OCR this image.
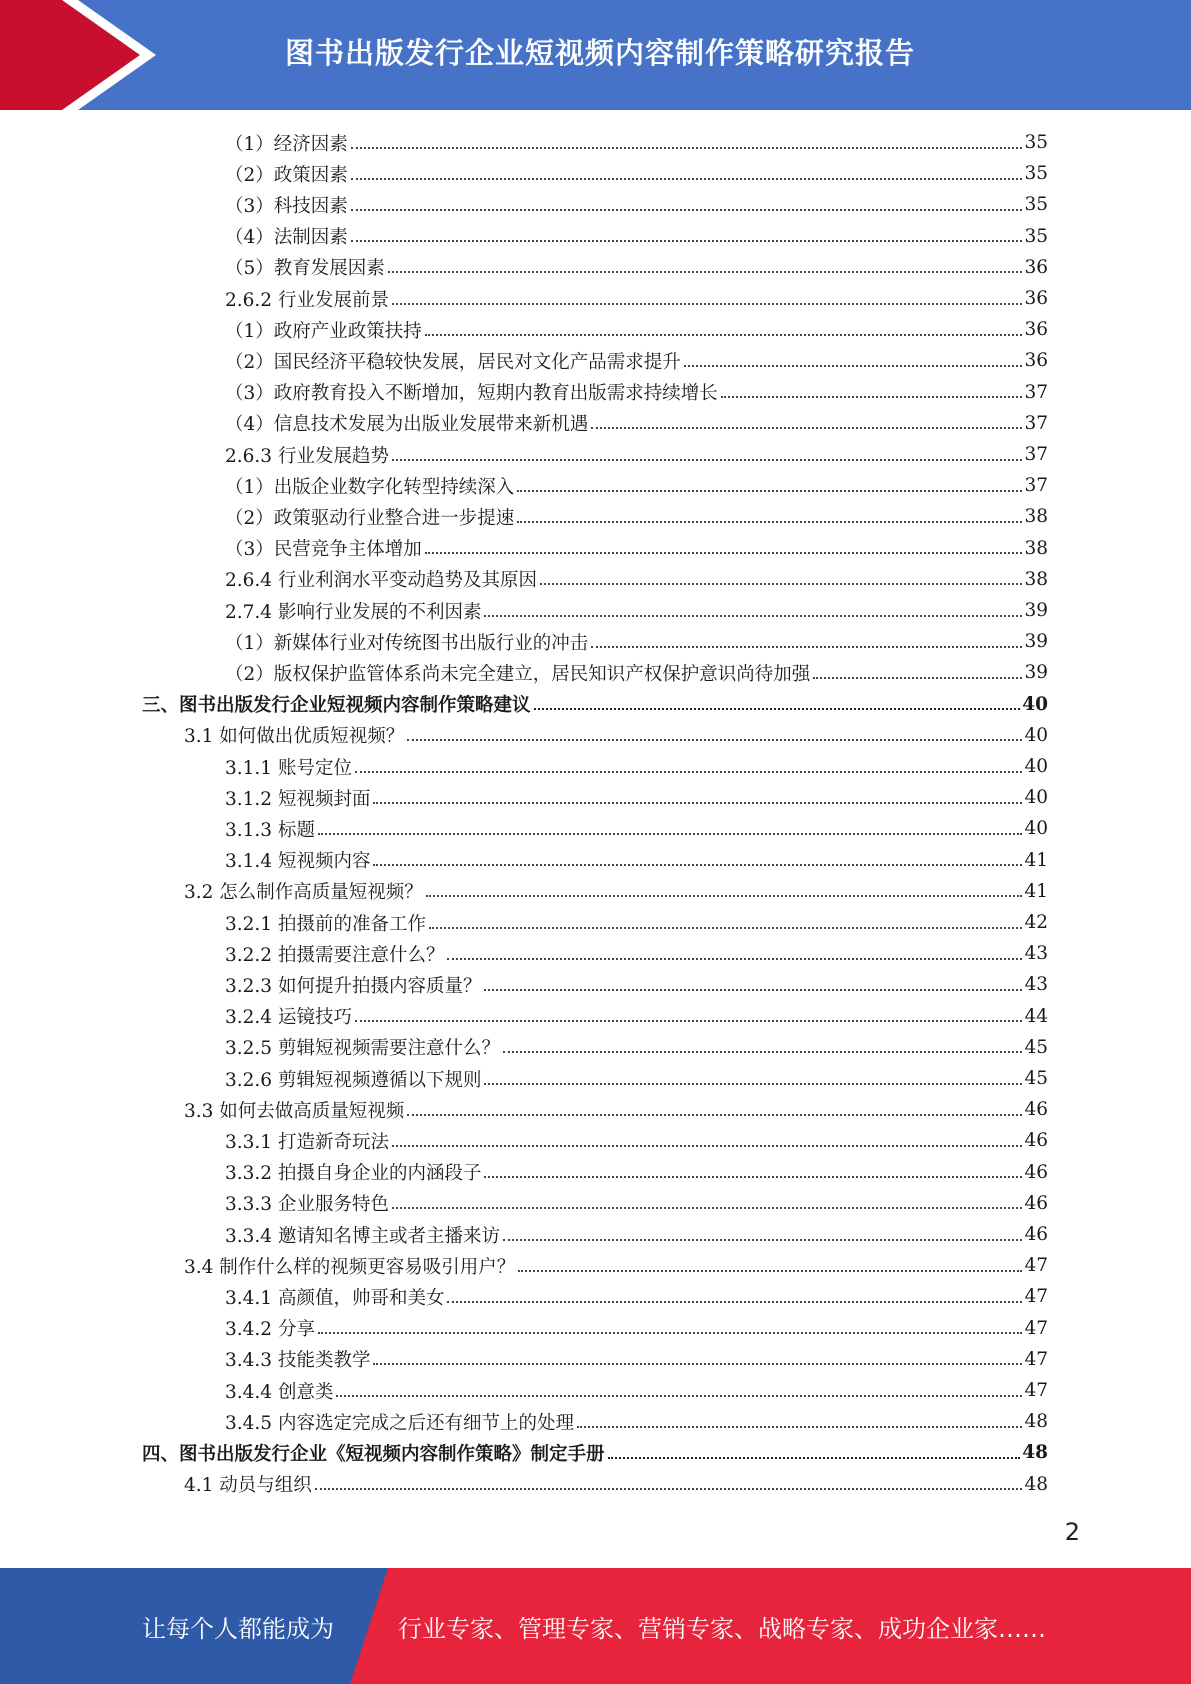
图书出版发行企业短视频内容制作策略研究报告
（1）经济因素	35
（2）政策因素	35
（3）科技因素	35
（4）法制因素	35
（5）教育发展因素	36
2.6.2 行业发展前景	36
（1）政府产业政策扶持	36
（2）国民经济平稳较快发展，居民对文化产品需求提升	36
（3）政府教育投入不断增加，短期内教育出版需求持续增长	37
（4）信息技术发展为出版业发展带来新机遇	37
2.6.3 行业发展趋势	37
（1）出版企业数字化转型持续深入	37
（2）政策驱动行业整合进一步提速	38
（3）民营竞争主体增加	38
2.6.4 行业利润水平变动趋势及其原因	38
2.7.4 影响行业发展的不利因素	39
（1）新媒体行业对传统图书出版行业的冲击	39
（2）版权保护监管体系尚未完全建立，居民知识产权保护意识尚待加强	39
三、图书出版发行企业短视频内容制作策略建议	40
3.1 如何做出优质短视频？	40
3.1.1 账号定位	40
3.1.2 短视频封面	40
3.1.3 标题	40
3.1.4 短视频内容	41
3.2 怎么制作高质量短视频？	41
3.2.1 拍摄前的准备工作	42
3.2.2 拍摄需要注意什么？	43
3.2.3 如何提升拍摄内容质量？	43
3.2.4 运镜技巧	44
3.2.5 剪辑短视频需要注意什么？	45
3.2.6 剪辑短视频遵循以下规则	45
3.3 如何去做高质量短视频	46
3.3.1 打造新奇玩法	46
3.3.2 拍摄自身企业的内涵段子	46
3.3.3 企业服务特色	46
3.3.4 邀请知名博主或者主播来访	46
3.4 制作什么样的视频更容易吸引用户？	47
3.4.1 高颜值，帅哥和美女	47
3.4.2 分享	47
3.4.3 技能类教学	47
3.4.4 创意类	47
3.4.5 内容选定完成之后还有细节上的处理	48
四、图书出版发行企业《短视频内容制作策略》制定手册	48
4.1 动员与组织	48
2
让每个人都能成为	行业专家、管理专家、营销专家、战略专家、成功企业家……
